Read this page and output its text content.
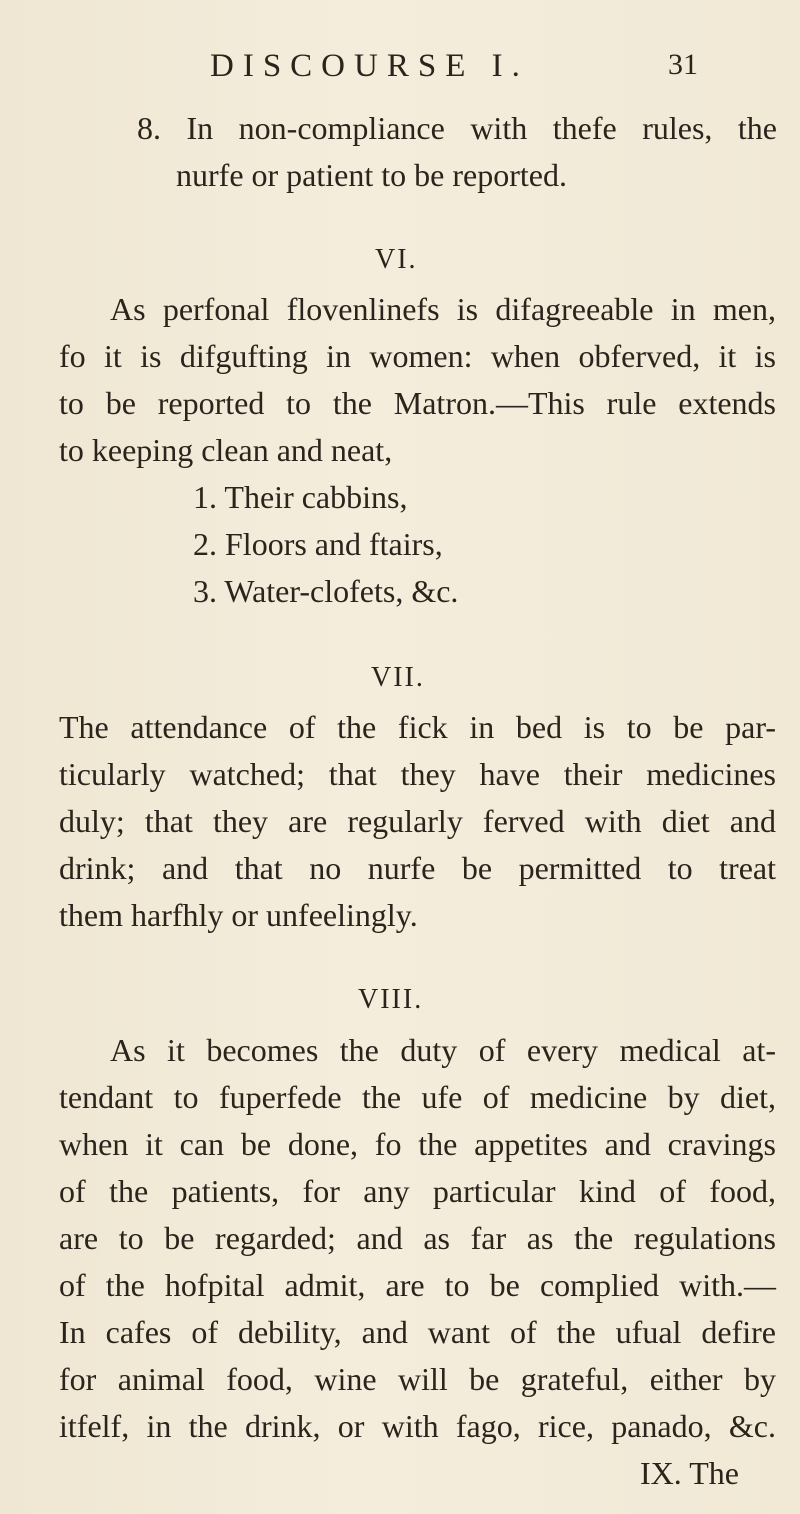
DISCOURSE I.	31
8. In non-compliance with thefe rules, the
nurfe or patient to be reported.
VI.
As perfonal flovenlinefs is difagreeable in men,
fo it is difgufting in women: when obferved, it is
to be reported to the Matron.—This rule extends
to keeping clean and neat,
1. Their cabbins,
2. Floors and ftairs,
3. Water-clofets, &c.
VII.
The attendance of the fick in bed is to be par-
ticularly watched; that they have their medicines
duly; that they are regularly ferved with diet and
drink; and that no nurfe be permitted to treat
them harfhly or unfeelingly.
VIII.
As it becomes the duty of every medical at-
tendant to fuperfede the ufe of medicine by diet,
when it can be done, fo the appetites and cravings
of the patients, for any particular kind of food,
are to be regarded; and as far as the regulations
of the hofpital admit, are to be complied with.—
In cafes of debility, and want of the ufual defire
for animal food, wine will be grateful, either by
itfelf, in the drink, or with fago, rice, panado, &c.
IX. The
